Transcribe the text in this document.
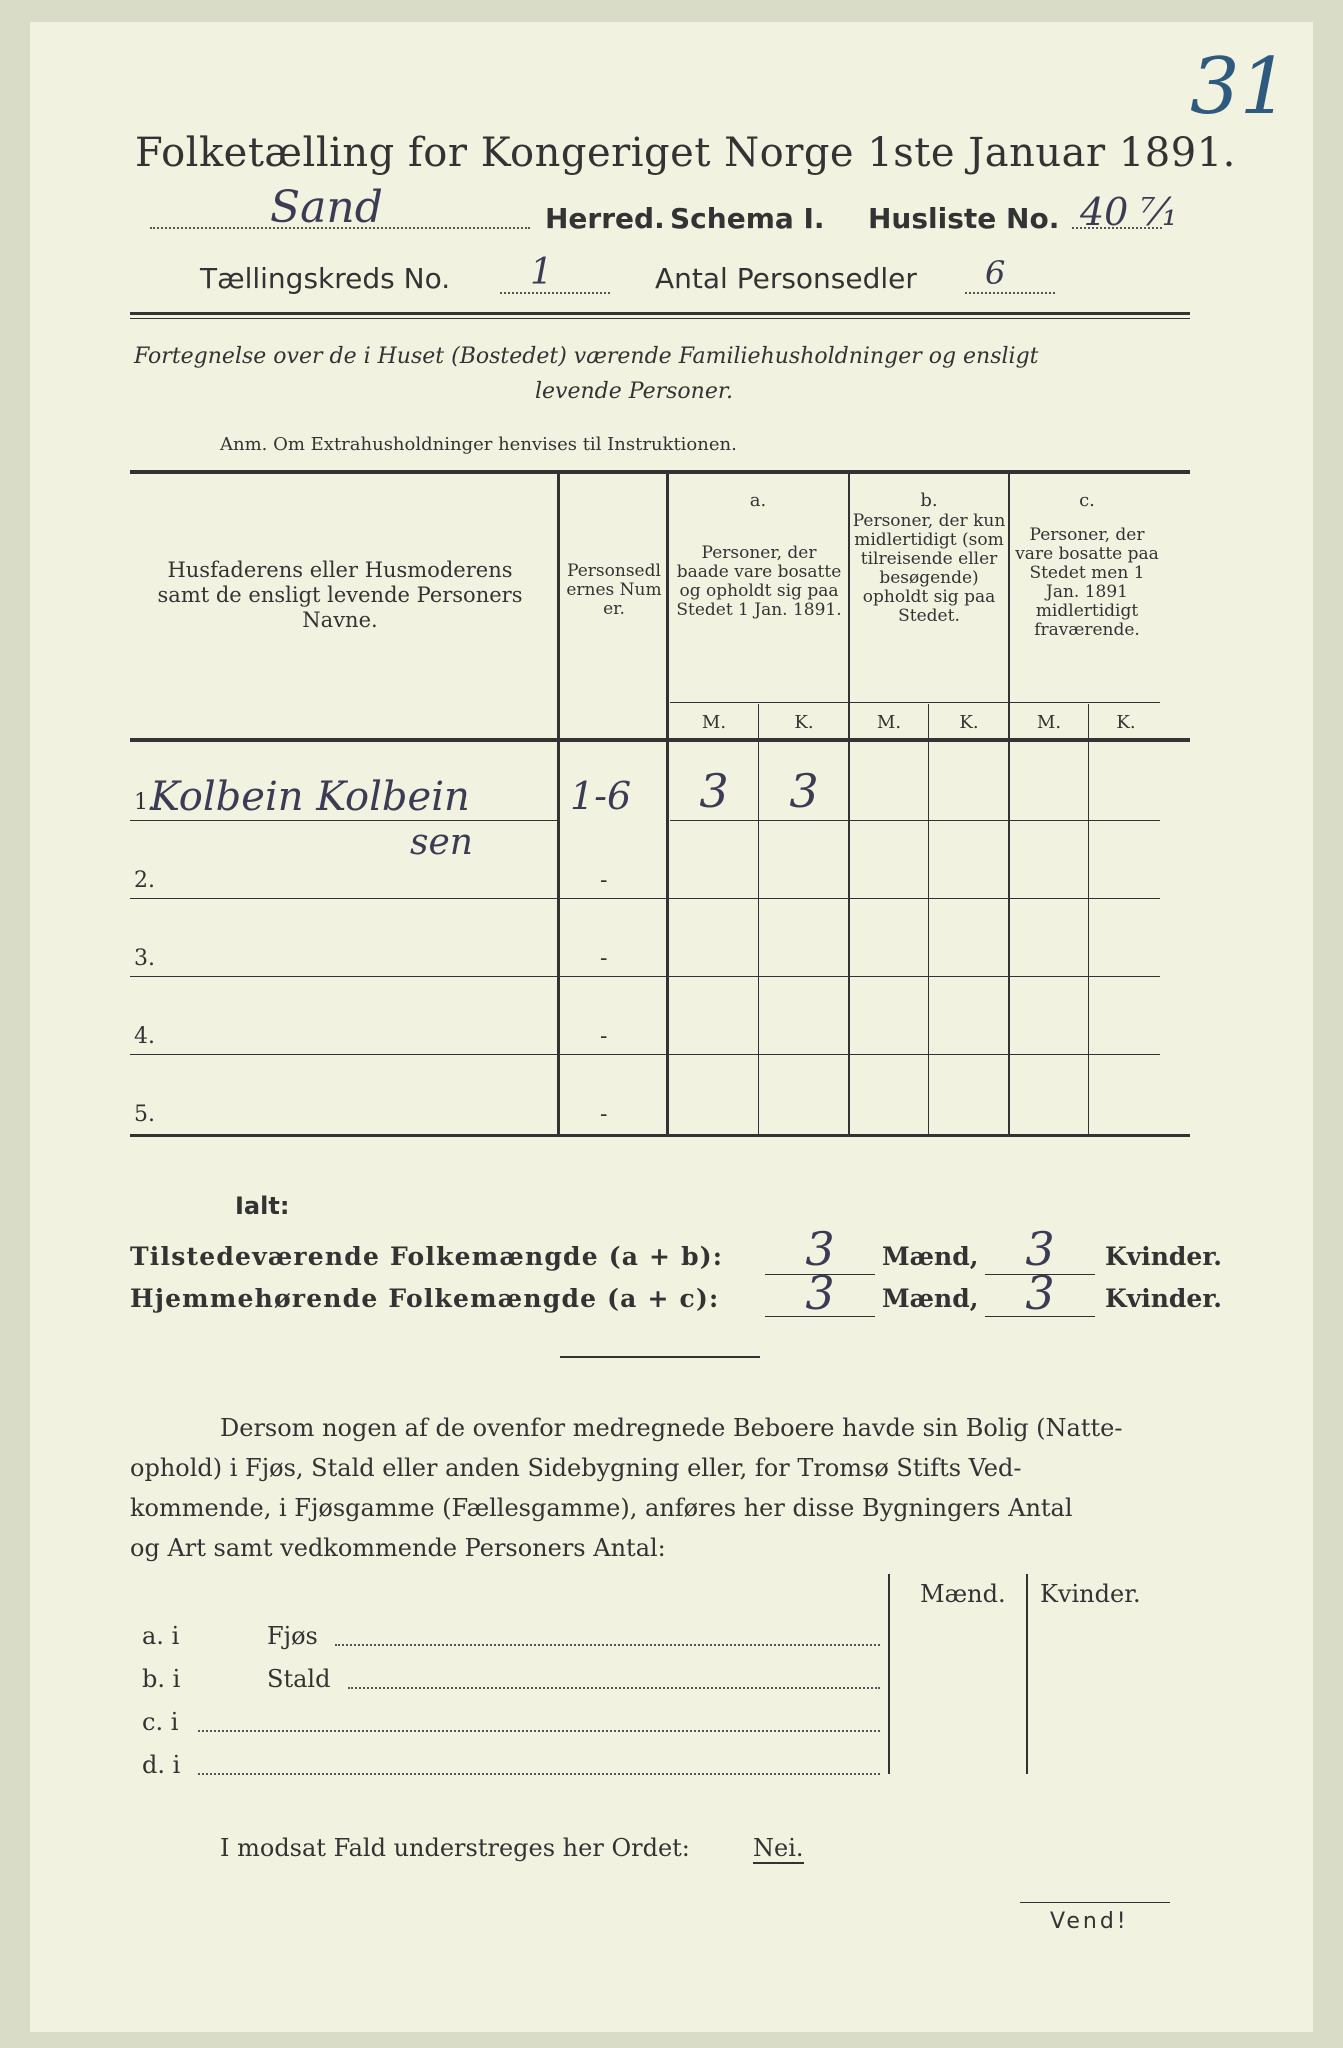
31
Folketælling for Kongeriget Norge 1ste Januar 1891.
Sand	Herred. Schema I. Husliste No. 40 ⁷⁄₁
Tællingskreds No. 1	Antal Personsedler 6
Fortegnelse over de i Huset (Bostedet) værende Familiehusholdninger og ensligt
levende Personer.
Anm. Om Extrahusholdninger henvises til Instruktionen.
Husfaderens eller Husmoderens samt de ensligt levende Personers Navne.
Personsedlernes Numer.
a.
Personer, der baade vare bosatte og opholdt sig paa Stedet 1 Jan. 1891.
b.
Personer, der kun midlertidigt (som tilreisende eller besøgende) opholdt sig paa Stedet.
c.
Personer, der vare bosatte paa Stedet men 1 Jan. 1891 midlertidigt fraværende.
M.	K.	M.	K.	M.	K.
1.
Kolbein Kolbein
sen
1-6	3	3
2.	-
3.	-
4.	-
5.	-
Ialt:
Tilstedeværende Folkemængde (a + b):	3	Mænd,	3	Kvinder.
Hjemmehørende Folkemængde (a + c):	3	Mænd,	3	Kvinder.
Dersom nogen af de ovenfor medregnede Beboere havde sin Bolig (Natte-
ophold) i Fjøs, Stald eller anden Sidebygning eller, for Tromsø Stifts Ved-
kommende, i Fjøsgamme (Fællesgamme), anføres her disse Bygningers Antal
og Art samt vedkommende Personers Antal:
Mænd. Kvinder.
a. i	Fjøs
b. i	Stald
c. i
d. i
I modsat Fald understreges her Ordet:	Nei.
Vend!
